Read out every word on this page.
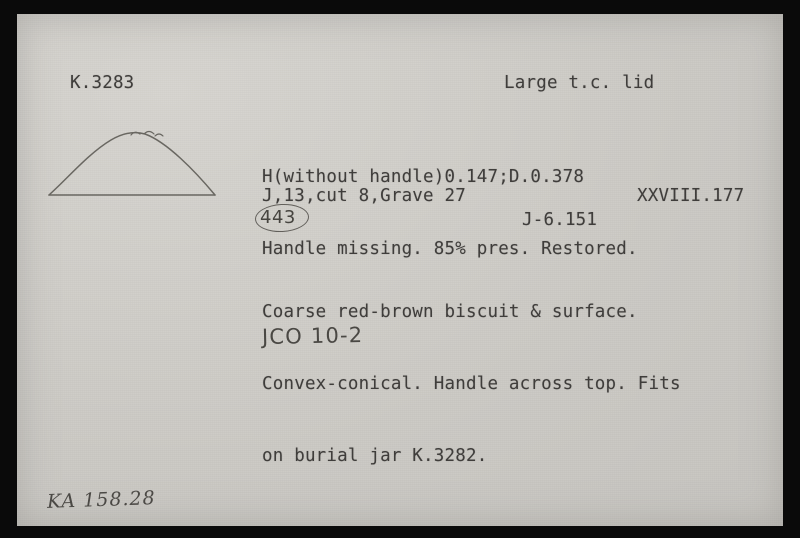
K.3283	Large t.c. lid

H(without handle)0.147;D.0.378

Handle missing. 85% pres. Restored.

J,13,cut 8,Grave 27	XXVIII.177
443	J-6.151

Coarse red-brown biscuit & surface.

Convex-conical. Handle across top. Fits

on burial jar K.3282.

JCO 10-2
KA 158.28
